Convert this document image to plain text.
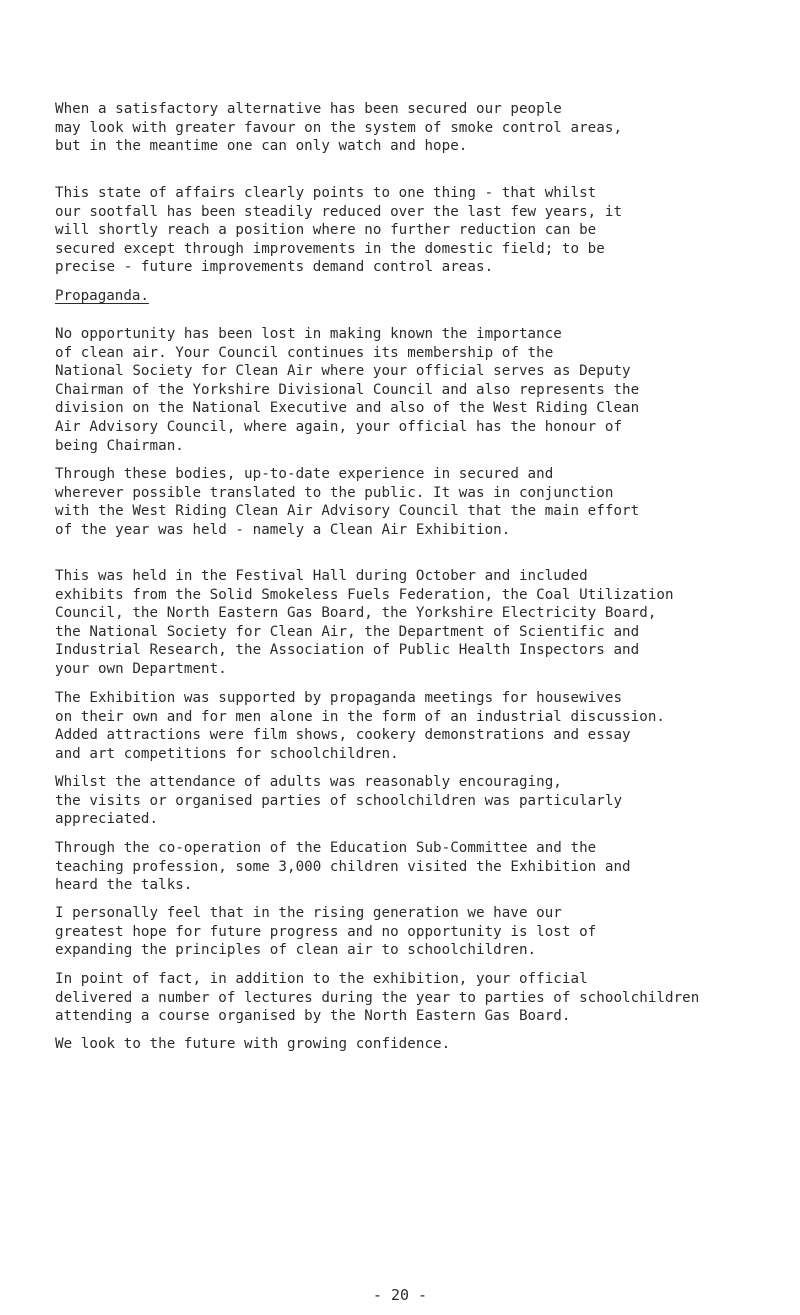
When a satisfactory alternative has been secured our people
may look with greater favour on the system of smoke control areas,
but in the meantime one can only watch and hope.
This state of affairs clearly points to one thing - that whilst
our sootfall has been steadily reduced over the last few years, it
will shortly reach a position where no further reduction can be
secured except through improvements in the domestic field; to be
precise - future improvements demand control areas.
Propaganda.
No opportunity has been lost in making known the importance
of clean air. Your Council continues its membership of the
National Society for Clean Air where your official serves as Deputy
Chairman of the Yorkshire Divisional Council and also represents the
division on the National Executive and also of the West Riding Clean
Air Advisory Council, where again, your official has the honour of
being Chairman.
Through these bodies, up-to-date experience in secured and
wherever possible translated to the public. It was in conjunction
with the West Riding Clean Air Advisory Council that the main effort
of the year was held - namely a Clean Air Exhibition.
This was held in the Festival Hall during October and included
exhibits from the Solid Smokeless Fuels Federation, the Coal Utilization
Council, the North Eastern Gas Board, the Yorkshire Electricity Board,
the National Society for Clean Air, the Department of Scientific and
Industrial Research, the Association of Public Health Inspectors and
your own Department.
The Exhibition was supported by propaganda meetings for housewives
on their own and for men alone in the form of an industrial discussion.
Added attractions were film shows, cookery demonstrations and essay
and art competitions for schoolchildren.
Whilst the attendance of adults was reasonably encouraging,
the visits or organised parties of schoolchildren was particularly
appreciated.
Through the co-operation of the Education Sub-Committee and the
teaching profession, some 3,000 children visited the Exhibition and
heard the talks.
I personally feel that in the rising generation we have our
greatest hope for future progress and no opportunity is lost of
expanding the principles of clean air to schoolchildren.
In point of fact, in addition to the exhibition, your official
delivered a number of lectures during the year to parties of schoolchildren
attending a course organised by the North Eastern Gas Board.
We look to the future with growing confidence.
- 20 -
